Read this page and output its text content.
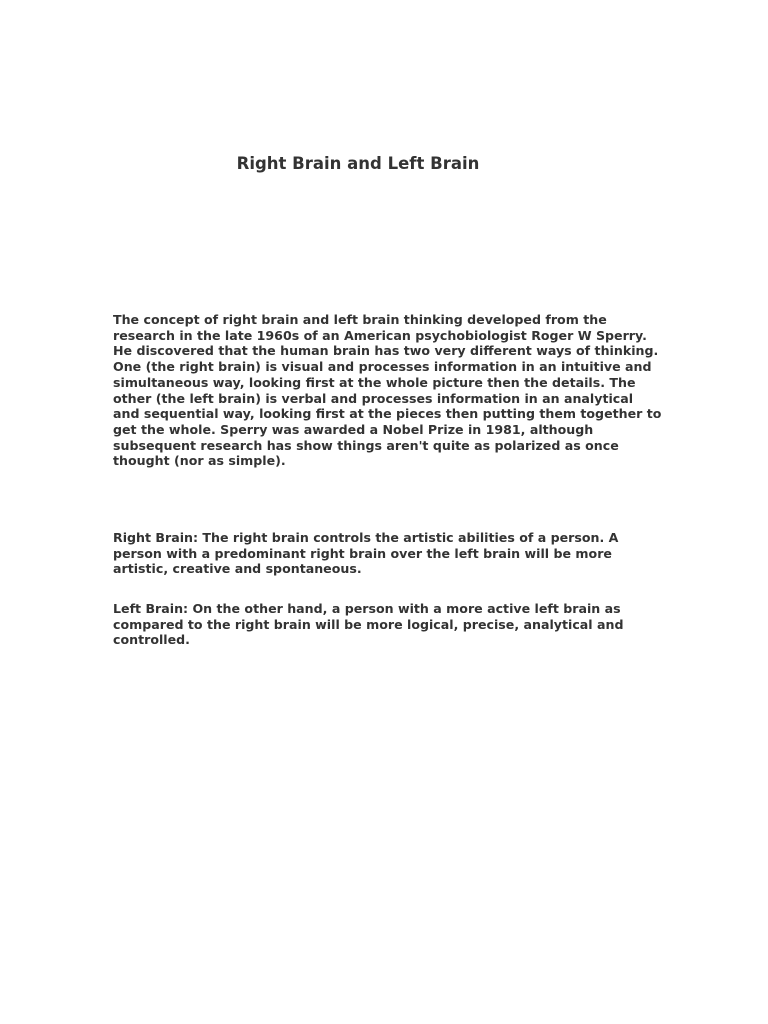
Right Brain and Left Brain

The concept of right brain and left brain thinking developed from the
research in the late 1960s of an American psychobiologist Roger W Sperry.
He discovered that the human brain has two very different ways of thinking.
One (the right brain) is visual and processes information in an intuitive and
simultaneous way, looking first at the whole picture then the details. The
other (the left brain) is verbal and processes information in an analytical
and sequential way, looking first at the pieces then putting them together to
get the whole. Sperry was awarded a Nobel Prize in 1981, although
subsequent research has show things aren't quite as polarized as once
thought (nor as simple).

Right Brain: The right brain controls the artistic abilities of a person. A
person with a predominant right brain over the left brain will be more
artistic, creative and spontaneous.

Left Brain: On the other hand, a person with a more active left brain as
compared to the right brain will be more logical, precise, analytical and
controlled.
